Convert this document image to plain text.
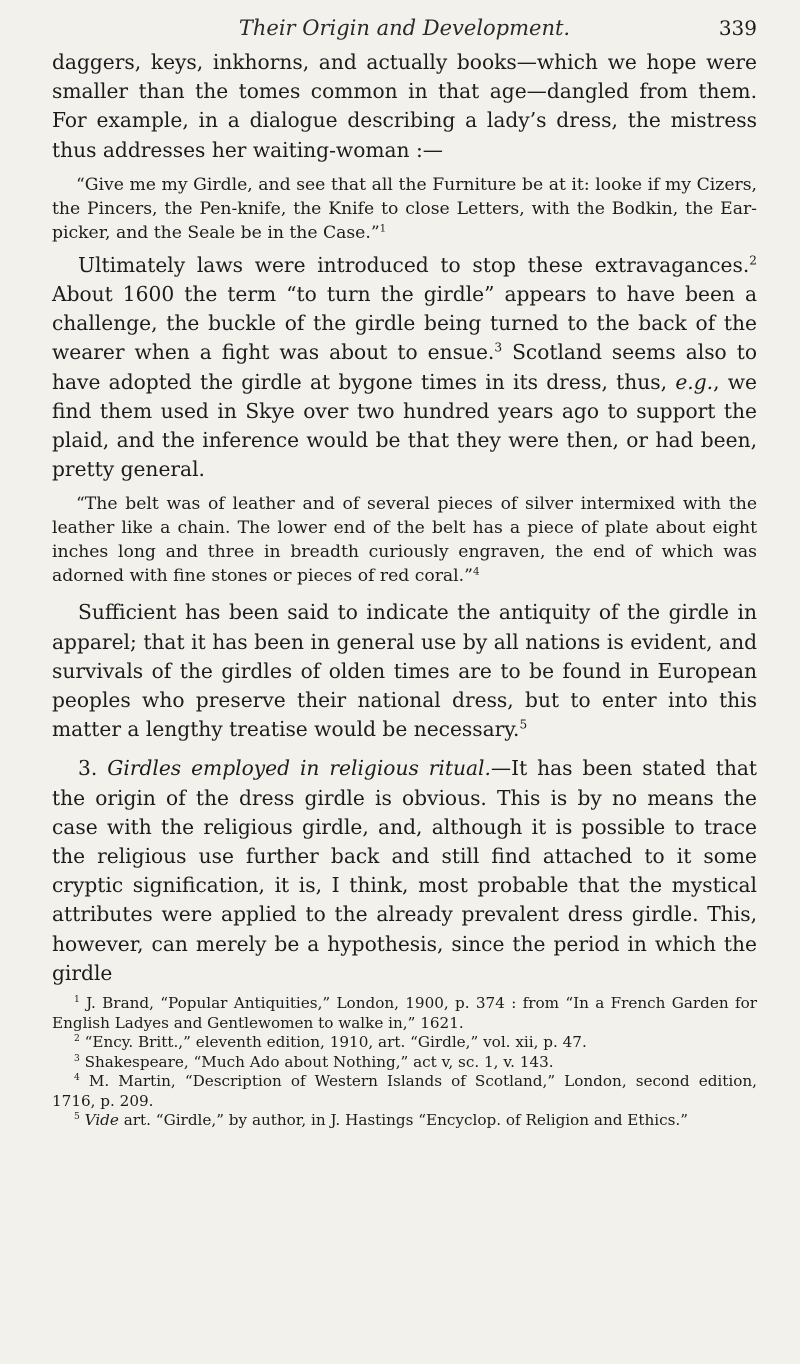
Their Origin and Development.	339

daggers, keys, inkhorns, and actually books—which we hope were smaller than the tomes common in that age—dangled from them. For example, in a dialogue describing a lady’s dress, the mistress thus addresses her waiting-woman :—

“Give me my Girdle, and see that all the Furniture be at it: looke if my Cizers, the Pincers, the Pen-knife, the Knife to close Letters, with the Bodkin, the Ear-picker, and the Seale be in the Case.”$^1$

Ultimately laws were introduced to stop these extravagances.$^2$ About 1600 the term “to turn the girdle” appears to have been a challenge, the buckle of the girdle being turned to the back of the wearer when a fight was about to ensue.$^3$ Scotland seems also to have adopted the girdle at bygone times in its dress, thus, e.g., we find them used in Skye over two hundred years ago to support the plaid, and the inference would be that they were then, or had been, pretty general.

“The belt was of leather and of several pieces of silver intermixed with the leather like a chain. The lower end of the belt has a piece of plate about eight inches long and three in breadth curiously engraven, the end of which was adorned with fine stones or pieces of red coral.”$^4$

Sufficient has been said to indicate the antiquity of the girdle in apparel; that it has been in general use by all nations is evident, and survivals of the girdles of olden times are to be found in European peoples who preserve their national dress, but to enter into this matter a lengthy treatise would be necessary.$^5$

3. Girdles employed in religious ritual.—It has been stated that the origin of the dress girdle is obvious. This is by no means the case with the religious girdle, and, although it is possible to trace the religious use further back and still find attached to it some cryptic signification, it is, I think, most probable that the mystical attributes were applied to the already prevalent dress girdle. This, however, can merely be a hypothesis, since the period in which the girdle

$^1$ J. Brand, “Popular Antiquities,” London, 1900, p. 374 : from “In a French Garden for English Ladyes and Gentlewomen to walke in,” 1621.

$^2$ “Ency. Britt.,” eleventh edition, 1910, art. “Girdle,” vol. xii, p. 47.

$^3$ Shakespeare, “Much Ado about Nothing,” act v, sc. 1, v. 143.

$^4$ M. Martin, “Description of Western Islands of Scotland,” London, second edition, 1716, p. 209.

$^5$ Vide art. “Girdle,” by author, in J. Hastings “Encyclop. of Religion and Ethics.”
